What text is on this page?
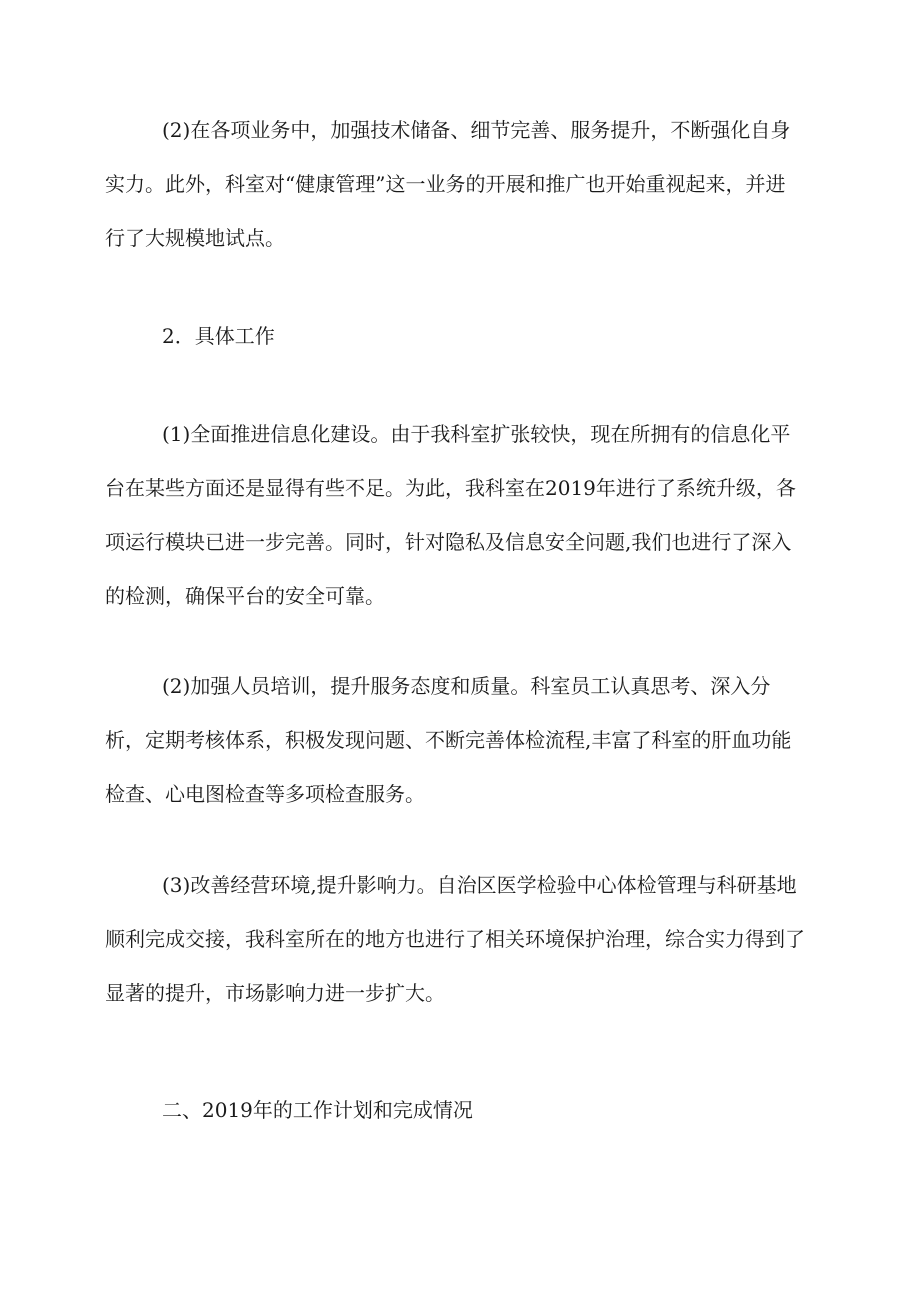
(2)在各项业务中，加强技术储备、细节完善、服务提升，不断强化自身
实力。此外，科室对“健康管理”这一业务的开展和推广也开始重视起来，并进
行了大规模地试点。

2．具体工作

(1)全面推进信息化建设。由于我科室扩张较快，现在所拥有的信息化平
台在某些方面还是显得有些不足。为此，我科室在2019年进行了系统升级，各
项运行模块已进一步完善。同时，针对隐私及信息安全问题,我们也进行了深入
的检测，确保平台的安全可靠。

(2)加强人员培训，提升服务态度和质量。科室员工认真思考、深入分
析，定期考核体系，积极发现问题、不断完善体检流程,丰富了科室的肝血功能
检查、心电图检查等多项检查服务。

(3)改善经营环境,提升影响力。自治区医学检验中心体检管理与科研基地
顺利完成交接，我科室所在的地方也进行了相关环境保护治理，综合实力得到了
显著的提升，市场影响力进一步扩大。

二、2019年的工作计划和完成情况
